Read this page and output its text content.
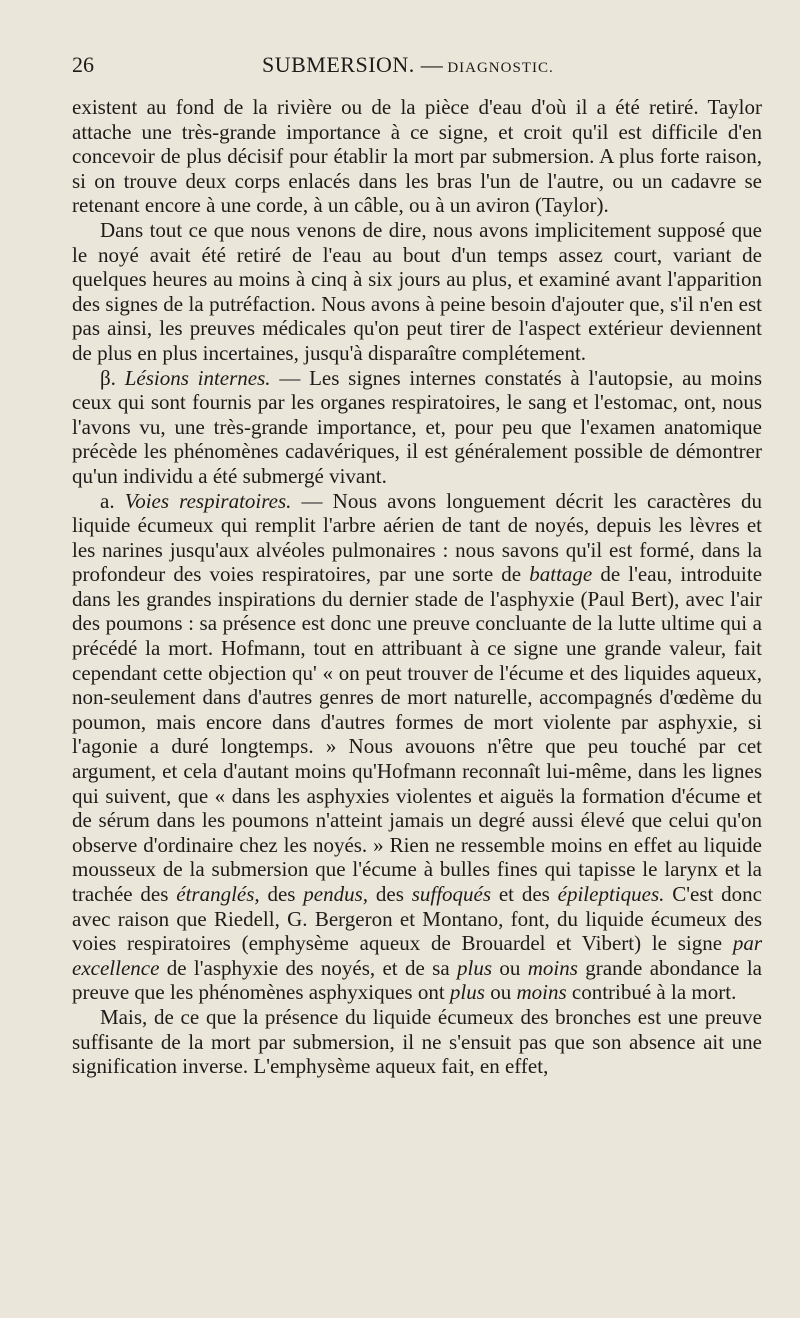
26	SUBMERSION. — DIAGNOSTIC.

existent au fond de la rivière ou de la pièce d'eau d'où il a été retiré. Taylor attache une très-grande importance à ce signe, et croit qu'il est difficile d'en concevoir de plus décisif pour établir la mort par submersion. A plus forte raison, si on trouve deux corps enlacés dans les bras l'un de l'autre, ou un cadavre se retenant encore à une corde, à un câble, ou à un aviron (Taylor).

Dans tout ce que nous venons de dire, nous avons implicitement supposé que le noyé avait été retiré de l'eau au bout d'un temps assez court, variant de quelques heures au moins à cinq à six jours au plus, et examiné avant l'apparition des signes de la putréfaction. Nous avons à peine besoin d'ajouter que, s'il n'en est pas ainsi, les preuves médicales qu'on peut tirer de l'aspect extérieur deviennent de plus en plus incertaines, jusqu'à disparaître complétement.

β. Lésions internes. — Les signes internes constatés à l'autopsie, au moins ceux qui sont fournis par les organes respiratoires, le sang et l'estomac, ont, nous l'avons vu, une très-grande importance, et, pour peu que l'examen anatomique précède les phénomènes cadavériques, il est généralement possible de démontrer qu'un individu a été submergé vivant.

a. Voies respiratoires. — Nous avons longuement décrit les caractères du liquide écumeux qui remplit l'arbre aérien de tant de noyés, depuis les lèvres et les narines jusqu'aux alvéoles pulmonaires : nous savons qu'il est formé, dans la profondeur des voies respiratoires, par une sorte de battage de l'eau, introduite dans les grandes inspirations du dernier stade de l'asphyxie (Paul Bert), avec l'air des poumons : sa présence est donc une preuve concluante de la lutte ultime qui a précédé la mort. Hofmann, tout en attribuant à ce signe une grande valeur, fait cependant cette objection qu' « on peut trouver de l'écume et des liquides aqueux, non-seulement dans d'autres genres de mort naturelle, accompagnés d'œdème du poumon, mais encore dans d'autres formes de mort violente par asphyxie, si l'agonie a duré longtemps. » Nous avouons n'être que peu touché par cet argument, et cela d'autant moins qu'Hofmann reconnaît lui-même, dans les lignes qui suivent, que « dans les asphyxies violentes et aiguës la formation d'écume et de sérum dans les poumons n'atteint jamais un degré aussi élevé que celui qu'on observe d'ordinaire chez les noyés. » Rien ne ressemble moins en effet au liquide mousseux de la submersion que l'écume à bulles fines qui tapisse le larynx et la trachée des étranglés, des pendus, des suffoqués et des épileptiques. C'est donc avec raison que Riedell, G. Bergeron et Montano, font, du liquide écumeux des voies respiratoires (emphysème aqueux de Brouardel et Vibert) le signe par excellence de l'asphyxie des noyés, et de sa plus ou moins grande abondance la preuve que les phénomènes asphyxiques ont plus ou moins contribué à la mort.

Mais, de ce que la présence du liquide écumeux des bronches est une preuve suffisante de la mort par submersion, il ne s'ensuit pas que son absence ait une signification inverse. L'emphysème aqueux fait, en effet,
